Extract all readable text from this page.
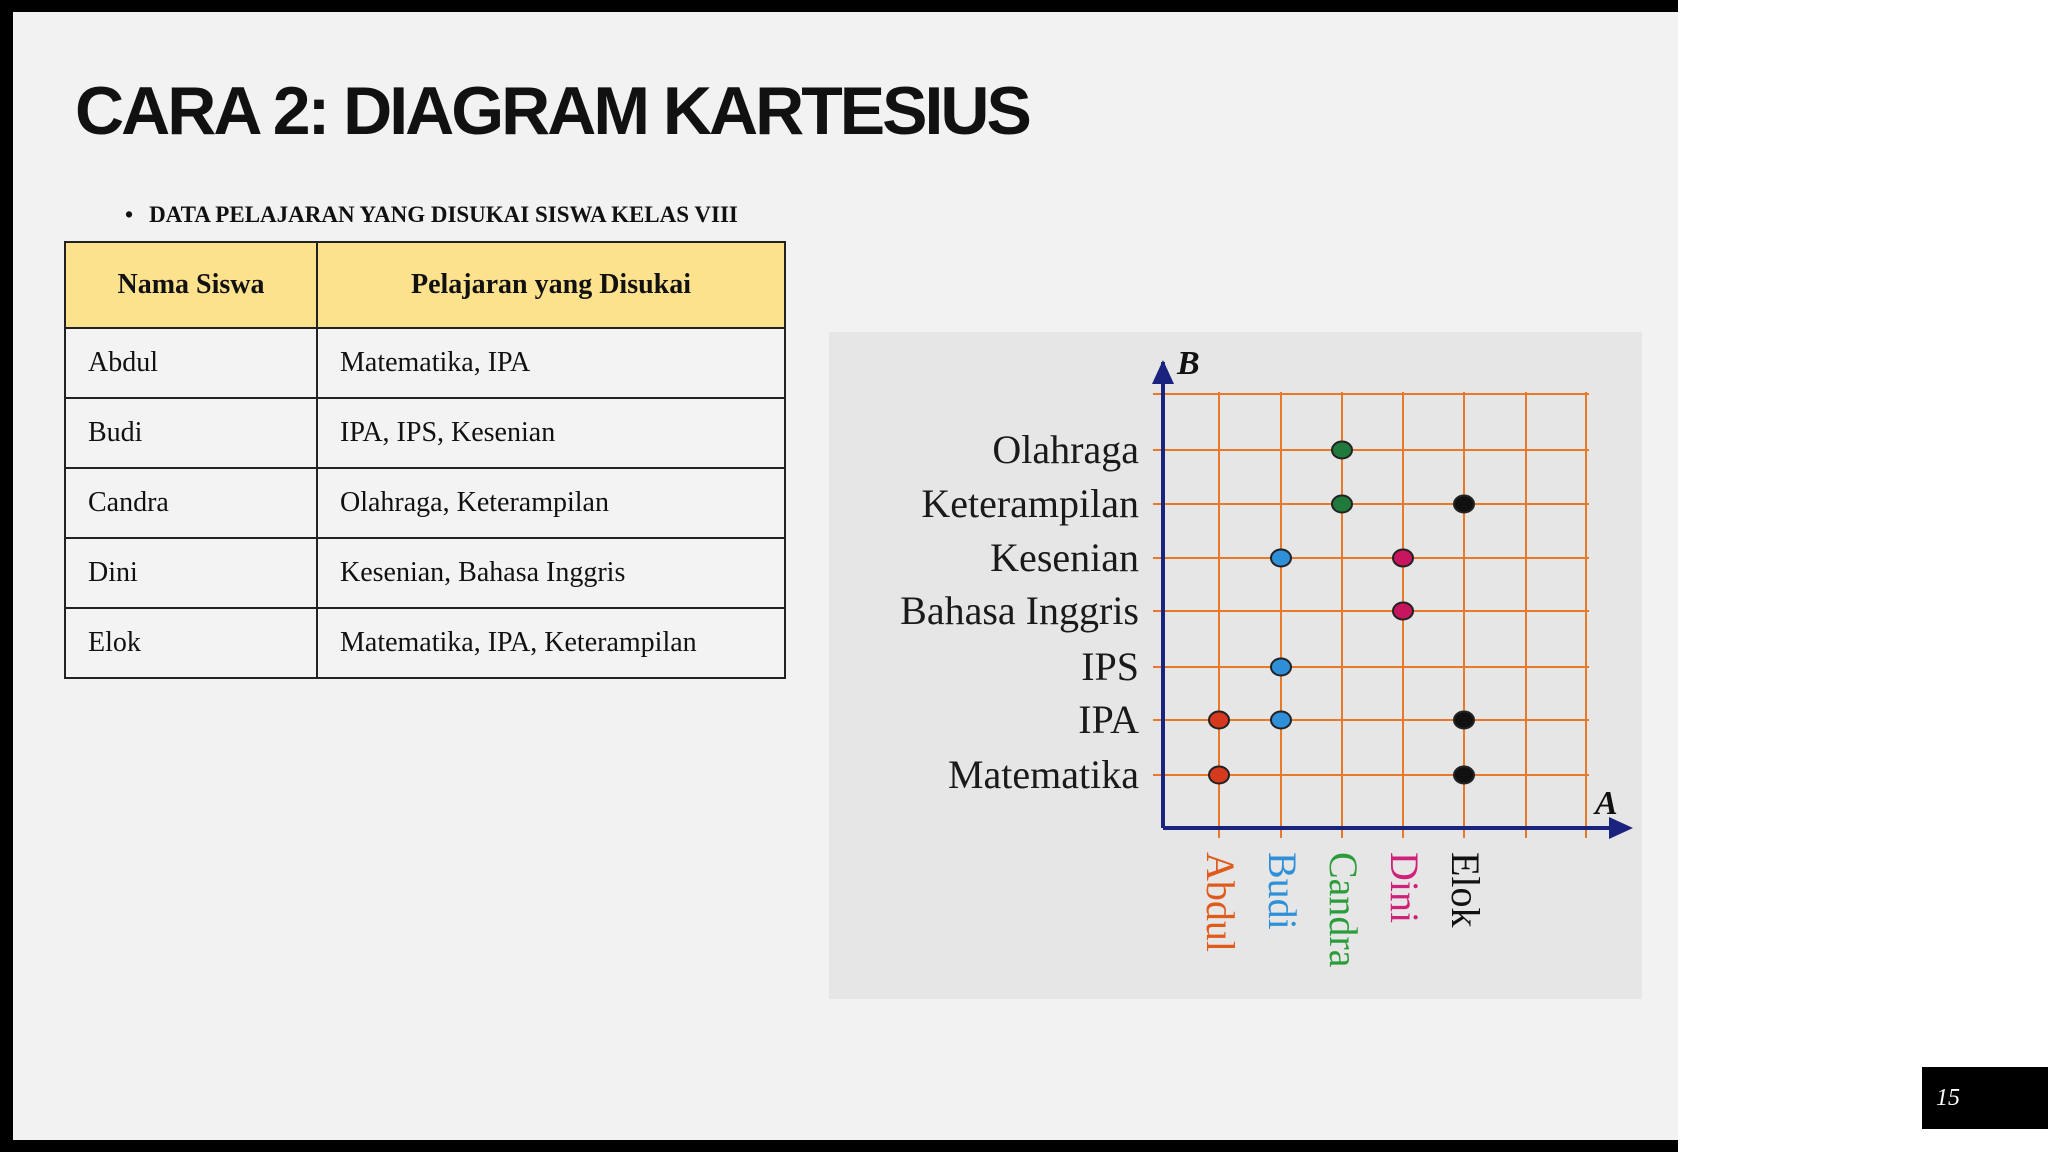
CARA 2: DIAGRAM KARTESIUS
• DATA PELAJARAN YANG DISUKAI SISWA KELAS VIII
Nama Siswa	Pelajaran yang Disukai
Abdul	Matematika, IPA
Budi	IPA, IPS, Kesenian
Candra	Olahraga, Keterampilan
Dini	Kesenian, Bahasa Inggris
Elok	Matematika, IPA, Keterampilan
B
A
Matematika
IPA
IPS
Bahasa Inggris
Kesenian
Keterampilan
Olahraga
Abdul Budi Candra Dini Elok
15
